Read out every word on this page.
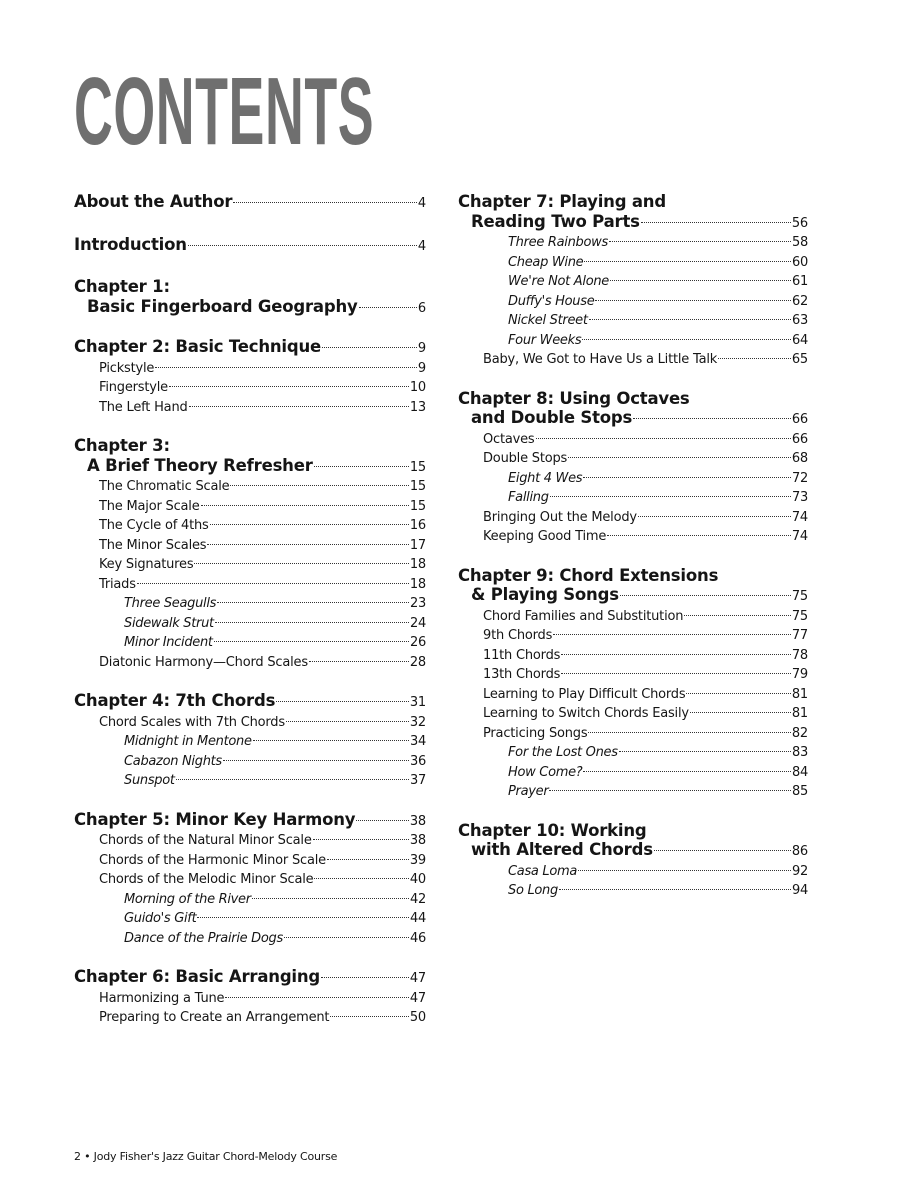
CONTENTS
About the Author	4
Introduction	4
Chapter 1:
Basic Fingerboard Geography	6
Chapter 2: Basic Technique	9
Pickstyle	9
Fingerstyle	10
The Left Hand	13
Chapter 3:
A Brief Theory Refresher	15
The Chromatic Scale	15
The Major Scale	15
The Cycle of 4ths	16
The Minor Scales	17
Key Signatures	18
Triads	18
Three Seagulls	23
Sidewalk Strut	24
Minor Incident	26
Diatonic Harmony—Chord Scales	28
Chapter 4: 7th Chords	31
Chord Scales with 7th Chords	32
Midnight in Mentone	34
Cabazon Nights	36
Sunspot	37
Chapter 5: Minor Key Harmony	38
Chords of the Natural Minor Scale	38
Chords of the Harmonic Minor Scale	39
Chords of the Melodic Minor Scale	40
Morning of the River	42
Guido's Gift	44
Dance of the Prairie Dogs	46
Chapter 6: Basic Arranging	47
Harmonizing a Tune	47
Preparing to Create an Arrangement	50
Chapter 7: Playing and
Reading Two Parts	56
Three Rainbows	58
Cheap Wine	60
We're Not Alone	61
Duffy's House	62
Nickel Street	63
Four Weeks	64
Baby, We Got to Have Us a Little Talk	65
Chapter 8: Using Octaves
and Double Stops	66
Octaves	66
Double Stops	68
Eight 4 Wes	72
Falling	73
Bringing Out the Melody	74
Keeping Good Time	74
Chapter 9: Chord Extensions
& Playing Songs	75
Chord Families and Substitution	75
9th Chords	77
11th Chords	78
13th Chords	79
Learning to Play Difficult Chords	81
Learning to Switch Chords Easily	81
Practicing Songs	82
For the Lost Ones	83
How Come?	84
Prayer	85
Chapter 10: Working
with Altered Chords	86
Casa Loma	92
So Long	94
2 • Jody Fisher's Jazz Guitar Chord-Melody Course
